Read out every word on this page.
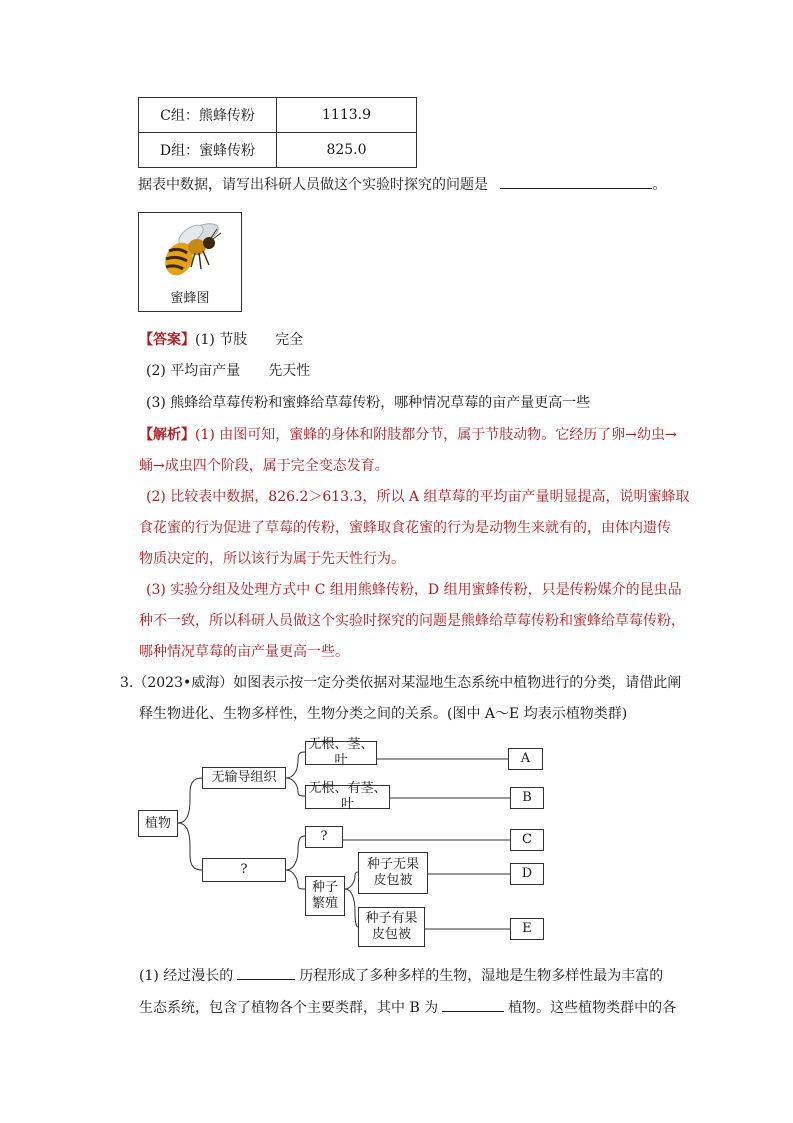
C组：熊蜂传粉	1113.9
D组：蜜蜂传粉	825.0
据表中数据，请写出科研人员做这个实验时探究的问题是	。
蜜蜂图
【答案】(1) 节肢　　完全
(2) 平均亩产量　　先天性
(3) 熊蜂给草莓传粉和蜜蜂给草莓传粉，哪种情况草莓的亩产量更高一些
【解析】(1) 由图可知，蜜蜂的身体和附肢都分节，属于节肢动物。它经历了卵→幼虫→
蛹→成虫四个阶段，属于完全变态发育。
(2) 比较表中数据，826.2＞613.3，所以 A 组草莓的平均亩产量明显提高，说明蜜蜂取
食花蜜的行为促进了草莓的传粉，蜜蜂取食花蜜的行为是动物生来就有的，由体内遗传
物质决定的，所以该行为属于先天性行为。
(3) 实验分组及处理方式中 C 组用熊蜂传粉，D 组用蜜蜂传粉，只是传粉媒介的昆虫品
种不一致，所以科研人员做这个实验时探究的问题是熊蜂给草莓传粉和蜜蜂给草莓传粉，
哪种情况草莓的亩产量更高一些。
3.（2023•威海）如图表示按一定分类依据对某湿地生态系统中植物进行的分类，请借此阐
释生物进化、生物多样性，生物分类之间的关系。(图中 A～E 均表示植物类群)
植物
无输导组织
?
无根、茎、叶
无根、有茎、叶
?
种子繁殖
种子无果皮包被
种子有果皮包被
A
B
C
D
E
(1) 经过漫长的	历程形成了多种多样的生物，湿地是生物多样性最为丰富的
生态系统，包含了植物各个主要类群，其中 B 为	植物。这些植物类群中的各
